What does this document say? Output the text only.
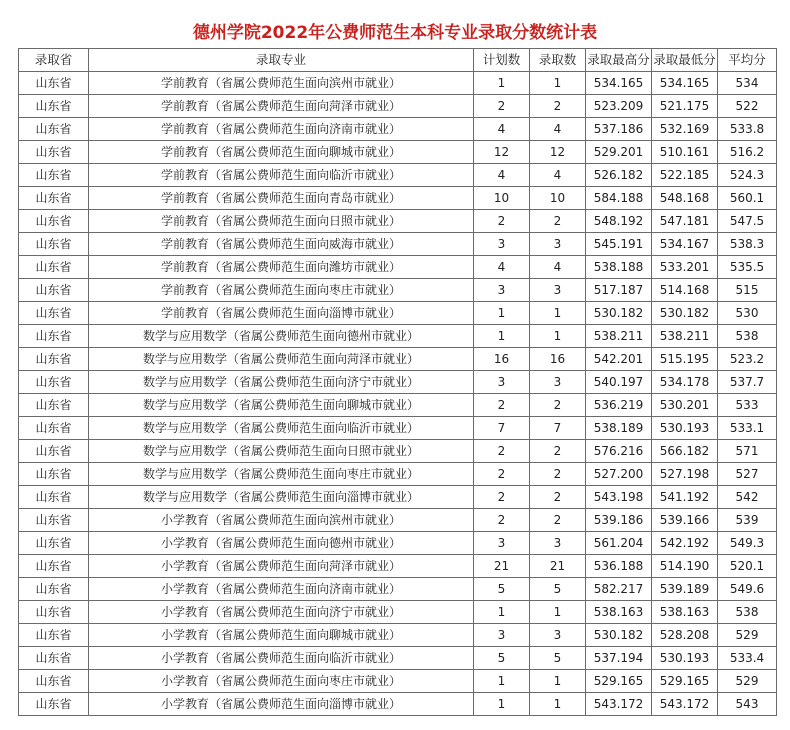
德州学院2022年公费师范生本科专业录取分数统计表
录取省	录取专业	计划数	录取数	录取最高分	录取最低分	平均分
山东省	学前教育（省属公费师范生面向滨州市就业）	1	1	534.165	534.165	534
山东省	学前教育（省属公费师范生面向菏泽市就业）	2	2	523.209	521.175	522
山东省	学前教育（省属公费师范生面向济南市就业）	4	4	537.186	532.169	533.8
山东省	学前教育（省属公费师范生面向聊城市就业）	12	12	529.201	510.161	516.2
山东省	学前教育（省属公费师范生面向临沂市就业）	4	4	526.182	522.185	524.3
山东省	学前教育（省属公费师范生面向青岛市就业）	10	10	584.188	548.168	560.1
山东省	学前教育（省属公费师范生面向日照市就业）	2	2	548.192	547.181	547.5
山东省	学前教育（省属公费师范生面向威海市就业）	3	3	545.191	534.167	538.3
山东省	学前教育（省属公费师范生面向潍坊市就业）	4	4	538.188	533.201	535.5
山东省	学前教育（省属公费师范生面向枣庄市就业）	3	3	517.187	514.168	515
山东省	学前教育（省属公费师范生面向淄博市就业）	1	1	530.182	530.182	530
山东省	数学与应用数学（省属公费师范生面向德州市就业）	1	1	538.211	538.211	538
山东省	数学与应用数学（省属公费师范生面向菏泽市就业）	16	16	542.201	515.195	523.2
山东省	数学与应用数学（省属公费师范生面向济宁市就业）	3	3	540.197	534.178	537.7
山东省	数学与应用数学（省属公费师范生面向聊城市就业）	2	2	536.219	530.201	533
山东省	数学与应用数学（省属公费师范生面向临沂市就业）	7	7	538.189	530.193	533.1
山东省	数学与应用数学（省属公费师范生面向日照市就业）	2	2	576.216	566.182	571
山东省	数学与应用数学（省属公费师范生面向枣庄市就业）	2	2	527.200	527.198	527
山东省	数学与应用数学（省属公费师范生面向淄博市就业）	2	2	543.198	541.192	542
山东省	小学教育（省属公费师范生面向滨州市就业）	2	2	539.186	539.166	539
山东省	小学教育（省属公费师范生面向德州市就业）	3	3	561.204	542.192	549.3
山东省	小学教育（省属公费师范生面向菏泽市就业）	21	21	536.188	514.190	520.1
山东省	小学教育（省属公费师范生面向济南市就业）	5	5	582.217	539.189	549.6
山东省	小学教育（省属公费师范生面向济宁市就业）	1	1	538.163	538.163	538
山东省	小学教育（省属公费师范生面向聊城市就业）	3	3	530.182	528.208	529
山东省	小学教育（省属公费师范生面向临沂市就业）	5	5	537.194	530.193	533.4
山东省	小学教育（省属公费师范生面向枣庄市就业）	1	1	529.165	529.165	529
山东省	小学教育（省属公费师范生面向淄博市就业）	1	1	543.172	543.172	543
